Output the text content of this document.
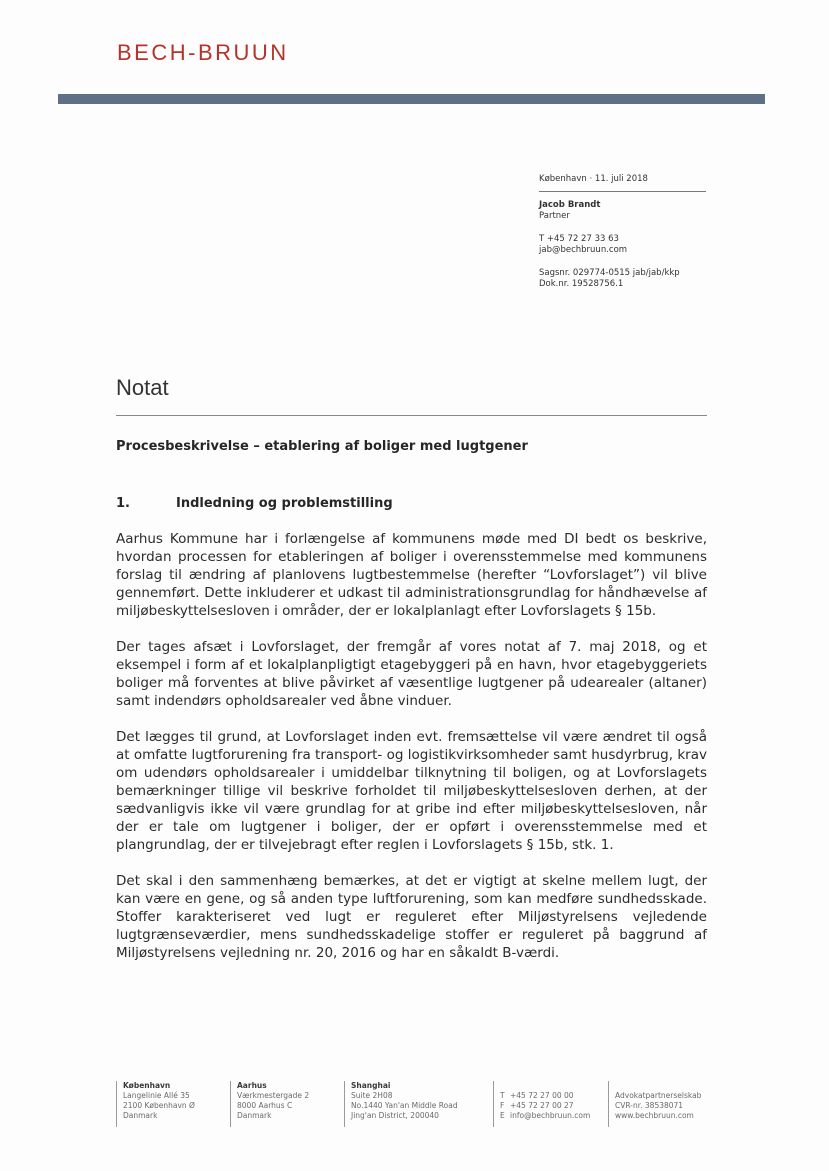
BECH-BRUUN
København · 11. juli 2018
Jacob Brandt
Partner
T +45 72 27 33 63
jab@bechbruun.com
Sagsnr. 029774-0515 jab/jab/kkp
Dok.nr. 19528756.1
Notat
Procesbeskrivelse – etablering af boliger med lugtgener
1.	Indledning og problemstilling

Aarhus Kommune har i forlængelse af kommunens møde med DI bedt os beskrive, hvordan processen for etableringen af boliger i overensstemmelse med kommunens forslag til ændring af planlovens lugtbestemmelse (herefter “Lovforslaget”) vil blive gennemført. Dette inkluderer et udkast til administrationsgrundlag for håndhævelse af miljøbeskyttelsesloven i områder, der er lokalplanlagt efter Lovforslagets § 15b.

Der tages afsæt i Lovforslaget, der fremgår af vores notat af 7. maj 2018, og et eksempel i form af et lokalplanpligtigt etagebyggeri på en havn, hvor etagebyggeriets boliger må forventes at blive påvirket af væsentlige lugtgener på udearealer (altaner) samt indendørs opholdsarealer ved åbne vinduer.

Det lægges til grund, at Lovforslaget inden evt. fremsættelse vil være ændret til også at omfatte lugtforurening fra transport- og logistikvirksomheder samt husdyrbrug, krav om udendørs opholdsarealer i umiddelbar tilknytning til boligen, og at Lovforslagets bemærkninger tillige vil beskrive forholdet til miljøbeskyttelsesloven derhen, at der sædvanligvis ikke vil være grundlag for at gribe ind efter miljøbeskyttelsesloven, når der er tale om lugtgener i boliger, der er opført i overensstemmelse med et plangrundlag, der er tilvejebragt efter reglen i Lovforslagets § 15b, stk. 1.

Det skal i den sammenhæng bemærkes, at det er vigtigt at skelne mellem lugt, der kan være en gene, og så anden type luftforurening, som kan medføre sundhedsskade. Stoffer karakteriseret ved lugt er reguleret efter Miljøstyrelsens vejledende lugtgrænseværdier, mens sundhedsskadelige stoffer er reguleret på baggrund af Miljøstyrelsens vejledning nr. 20, 2016 og har en såkaldt B-værdi.

København
Langelinie Allé 35
2100 København Ø
Danmark
Aarhus
Værkmestergade 2
8000 Aarhus C
Danmark
Shanghai
Suite 2H08
No.1440 Yan'an Middle Road
Jing'an District, 200040

T +45 72 27 00 00
F +45 72 27 00 27
E info@bechbruun.com

Advokatpartnerselskab
CVR-nr. 38538071
www.bechbruun.com
